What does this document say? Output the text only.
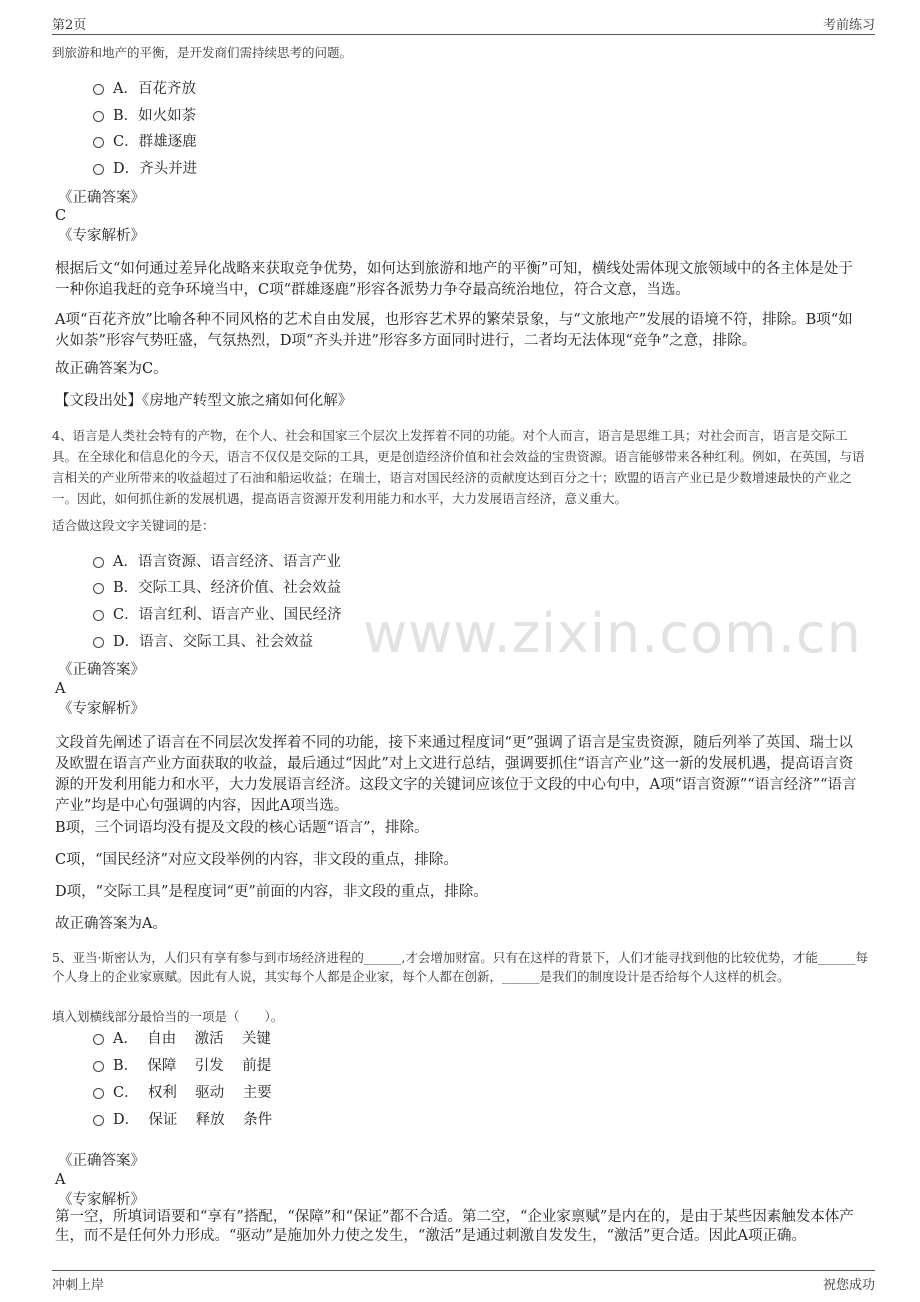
第2页	考前练习
www.zixin.com.cn
到旅游和地产的平衡，是开发商们需持续思考的问题。
A．百花齐放
B．如火如荼
C．群雄逐鹿
D．齐头并进
《正确答案》
C
《专家解析》
根据后文“如何通过差异化战略来获取竞争优势，如何达到旅游和地产的平衡”可知，横线处需体现文旅领域中的各主体是处于一种你追我赶的竞争环境当中，C项“群雄逐鹿”形容各派势力争夺最高统治地位，符合文意，当选。
A项“百花齐放”比喻各种不同风格的艺术自由发展，也形容艺术界的繁荣景象，与“文旅地产”发展的语境不符，排除。B项“如火如荼”形容气势旺盛，气氛热烈，D项“齐头并进”形容多方面同时进行，二者均无法体现“竞争”之意，排除。
故正确答案为C。
【文段出处】《房地产转型文旅之痛如何化解》
4、语言是人类社会特有的产物，在个人、社会和国家三个层次上发挥着不同的功能。对个人而言，语言是思维工具；对社会而言，语言是交际工具。在全球化和信息化的今天，语言不仅仅是交际的工具，更是创造经济价值和社会效益的宝贵资源。语言能够带来各种红利。例如，在英国，与语言相关的产业所带来的收益超过了石油和船运收益；在瑞士，语言对国民经济的贡献度达到百分之十；欧盟的语言产业已是少数增速最快的产业之一。因此，如何抓住新的发展机遇，提高语言资源开发利用能力和水平，大力发展语言经济，意义重大。
适合做这段文字关键词的是：
A．语言资源、语言经济、语言产业
B．交际工具、经济价值、社会效益
C．语言红利、语言产业、国民经济
D．语言、交际工具、社会效益
《正确答案》
A
《专家解析》
文段首先阐述了语言在不同层次发挥着不同的功能，接下来通过程度词“更”强调了语言是宝贵资源，随后列举了英国、瑞士以及欧盟在语言产业方面获取的收益，最后通过“因此”对上文进行总结，强调要抓住“语言产业”这一新的发展机遇，提高语言资源的开发利用能力和水平，大力发展语言经济。这段文字的关键词应该位于文段的中心句中，A项“语言资源”“语言经济”“语言产业”均是中心句强调的内容，因此A项当选。
B项，三个词语均没有提及文段的核心话题“语言”，排除。
C项，“国民经济”对应文段举例的内容，非文段的重点，排除。
D项，“交际工具”是程度词“更”前面的内容，非文段的重点，排除。
故正确答案为A。
5、亚当·斯密认为，人们只有享有参与到市场经济进程的______,才会增加财富。只有在这样的背景下，人们才能寻找到他的比较优势，才能______每个人身上的企业家禀赋。因此有人说，其实每个人都是企业家，每个人都在创新，______是我们的制度设计是否给每个人这样的机会。
填入划横线部分最恰当的一项是（　　）。
A．  自由    激活    关键
B．  保障    引发    前提
C．  权利    驱动    主要
D．  保证    释放    条件
《正确答案》
A
《专家解析》
第一空，所填词语要和“享有”搭配，“保障”和“保证”都不合适。第二空，“企业家禀赋”是内在的，是由于某些因素触发本体产生，而不是任何外力形成。“驱动”是施加外力使之发生，“激活”是通过刺激自发发生，“激活”更合适。因此A项正确。
冲刺上岸	祝您成功
